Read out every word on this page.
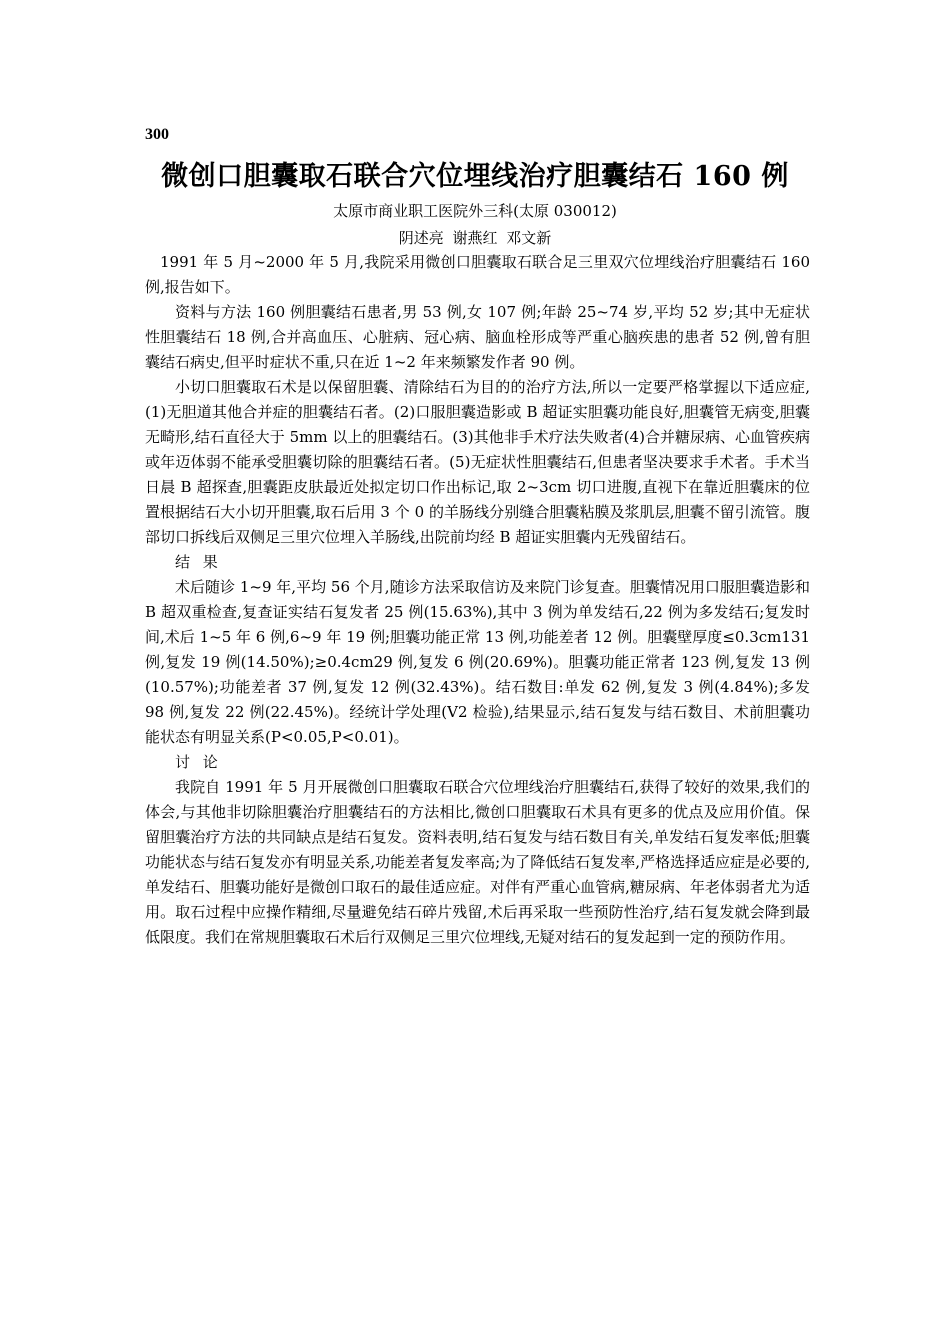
300
微创口胆囊取石联合穴位埋线治疗胆囊结石 160 例
太原市商业职工医院外三科(太原 030012)
阴述亮 谢燕红 邓文新

1991 年 5 月~2000 年 5 月,我院采用微创口胆囊取石联合足三里双穴位埋线治疗胆囊结石 160 例,报告如下。

资料与方法 160 例胆囊结石患者,男 53 例,女 107 例;年龄 25~74 岁,平均 52 岁;其中无症状性胆囊结石 18 例,合并高血压、心脏病、冠心病、脑血栓形成等严重心脑疾患的患者 52 例,曾有胆囊结石病史,但平时症状不重,只在近 1~2 年来频繁发作者 90 例。

小切口胆囊取石术是以保留胆囊、清除结石为目的的治疗方法,所以一定要严格掌握以下适应症,(1)无胆道其他合并症的胆囊结石者。(2)口服胆囊造影或 B 超证实胆囊功能良好,胆囊管无病变,胆囊无畸形,结石直径大于 5mm 以上的胆囊结石。(3)其他非手术疗法失败者(4)合并糖尿病、心血管疾病或年迈体弱不能承受胆囊切除的胆囊结石者。(5)无症状性胆囊结石,但患者坚决要求手术者。手术当日晨 B 超探查,胆囊距皮肤最近处拟定切口作出标记,取 2~3cm 切口进腹,直视下在靠近胆囊床的位置根据结石大小切开胆囊,取石后用 3 个 0 的羊肠线分别缝合胆囊粘膜及浆肌层,胆囊不留引流管。腹部切口拆线后双侧足三里穴位埋入羊肠线,出院前均经 B 超证实胆囊内无残留结石。

结 果

术后随诊 1~9 年,平均 56 个月,随诊方法采取信访及来院门诊复查。胆囊情况用口服胆囊造影和 B 超双重检查,复查证实结石复发者 25 例(15.63%),其中 3 例为单发结石,22 例为多发结石;复发时间,术后 1~5 年 6 例,6~9 年 19 例;胆囊功能正常 13 例,功能差者 12 例。胆囊壁厚度≤0.3cm131 例,复发 19 例(14.50%);≥0.4cm29 例,复发 6 例(20.69%)。胆囊功能正常者 123 例,复发 13 例(10.57%);功能差者 37 例,复发 12 例(32.43%)。结石数目:单发 62 例,复发 3 例(4.84%);多发 98 例,复发 22 例(22.45%)。经统计学处理(V2 检验),结果显示,结石复发与结石数目、术前胆囊功能状态有明显关系(P<0.05,P<0.01)。

讨 论

我院自 1991 年 5 月开展微创口胆囊取石联合穴位埋线治疗胆囊结石,获得了较好的效果,我们的体会,与其他非切除胆囊治疗胆囊结石的方法相比,微创口胆囊取石术具有更多的优点及应用价值。保留胆囊治疗方法的共同缺点是结石复发。资料表明,结石复发与结石数目有关,单发结石复发率低;胆囊功能状态与结石复发亦有明显关系,功能差者复发率高;为了降低结石复发率,严格选择适应症是必要的,单发结石、胆囊功能好是微创口取石的最佳适应症。对伴有严重心血管病,糖尿病、年老体弱者尤为适用。取石过程中应操作精细,尽量避免结石碎片残留,术后再采取一些预防性治疗,结石复发就会降到最低限度。我们在常规胆囊取石术后行双侧足三里穴位埋线,无疑对结石的复发起到一定的预防作用。
